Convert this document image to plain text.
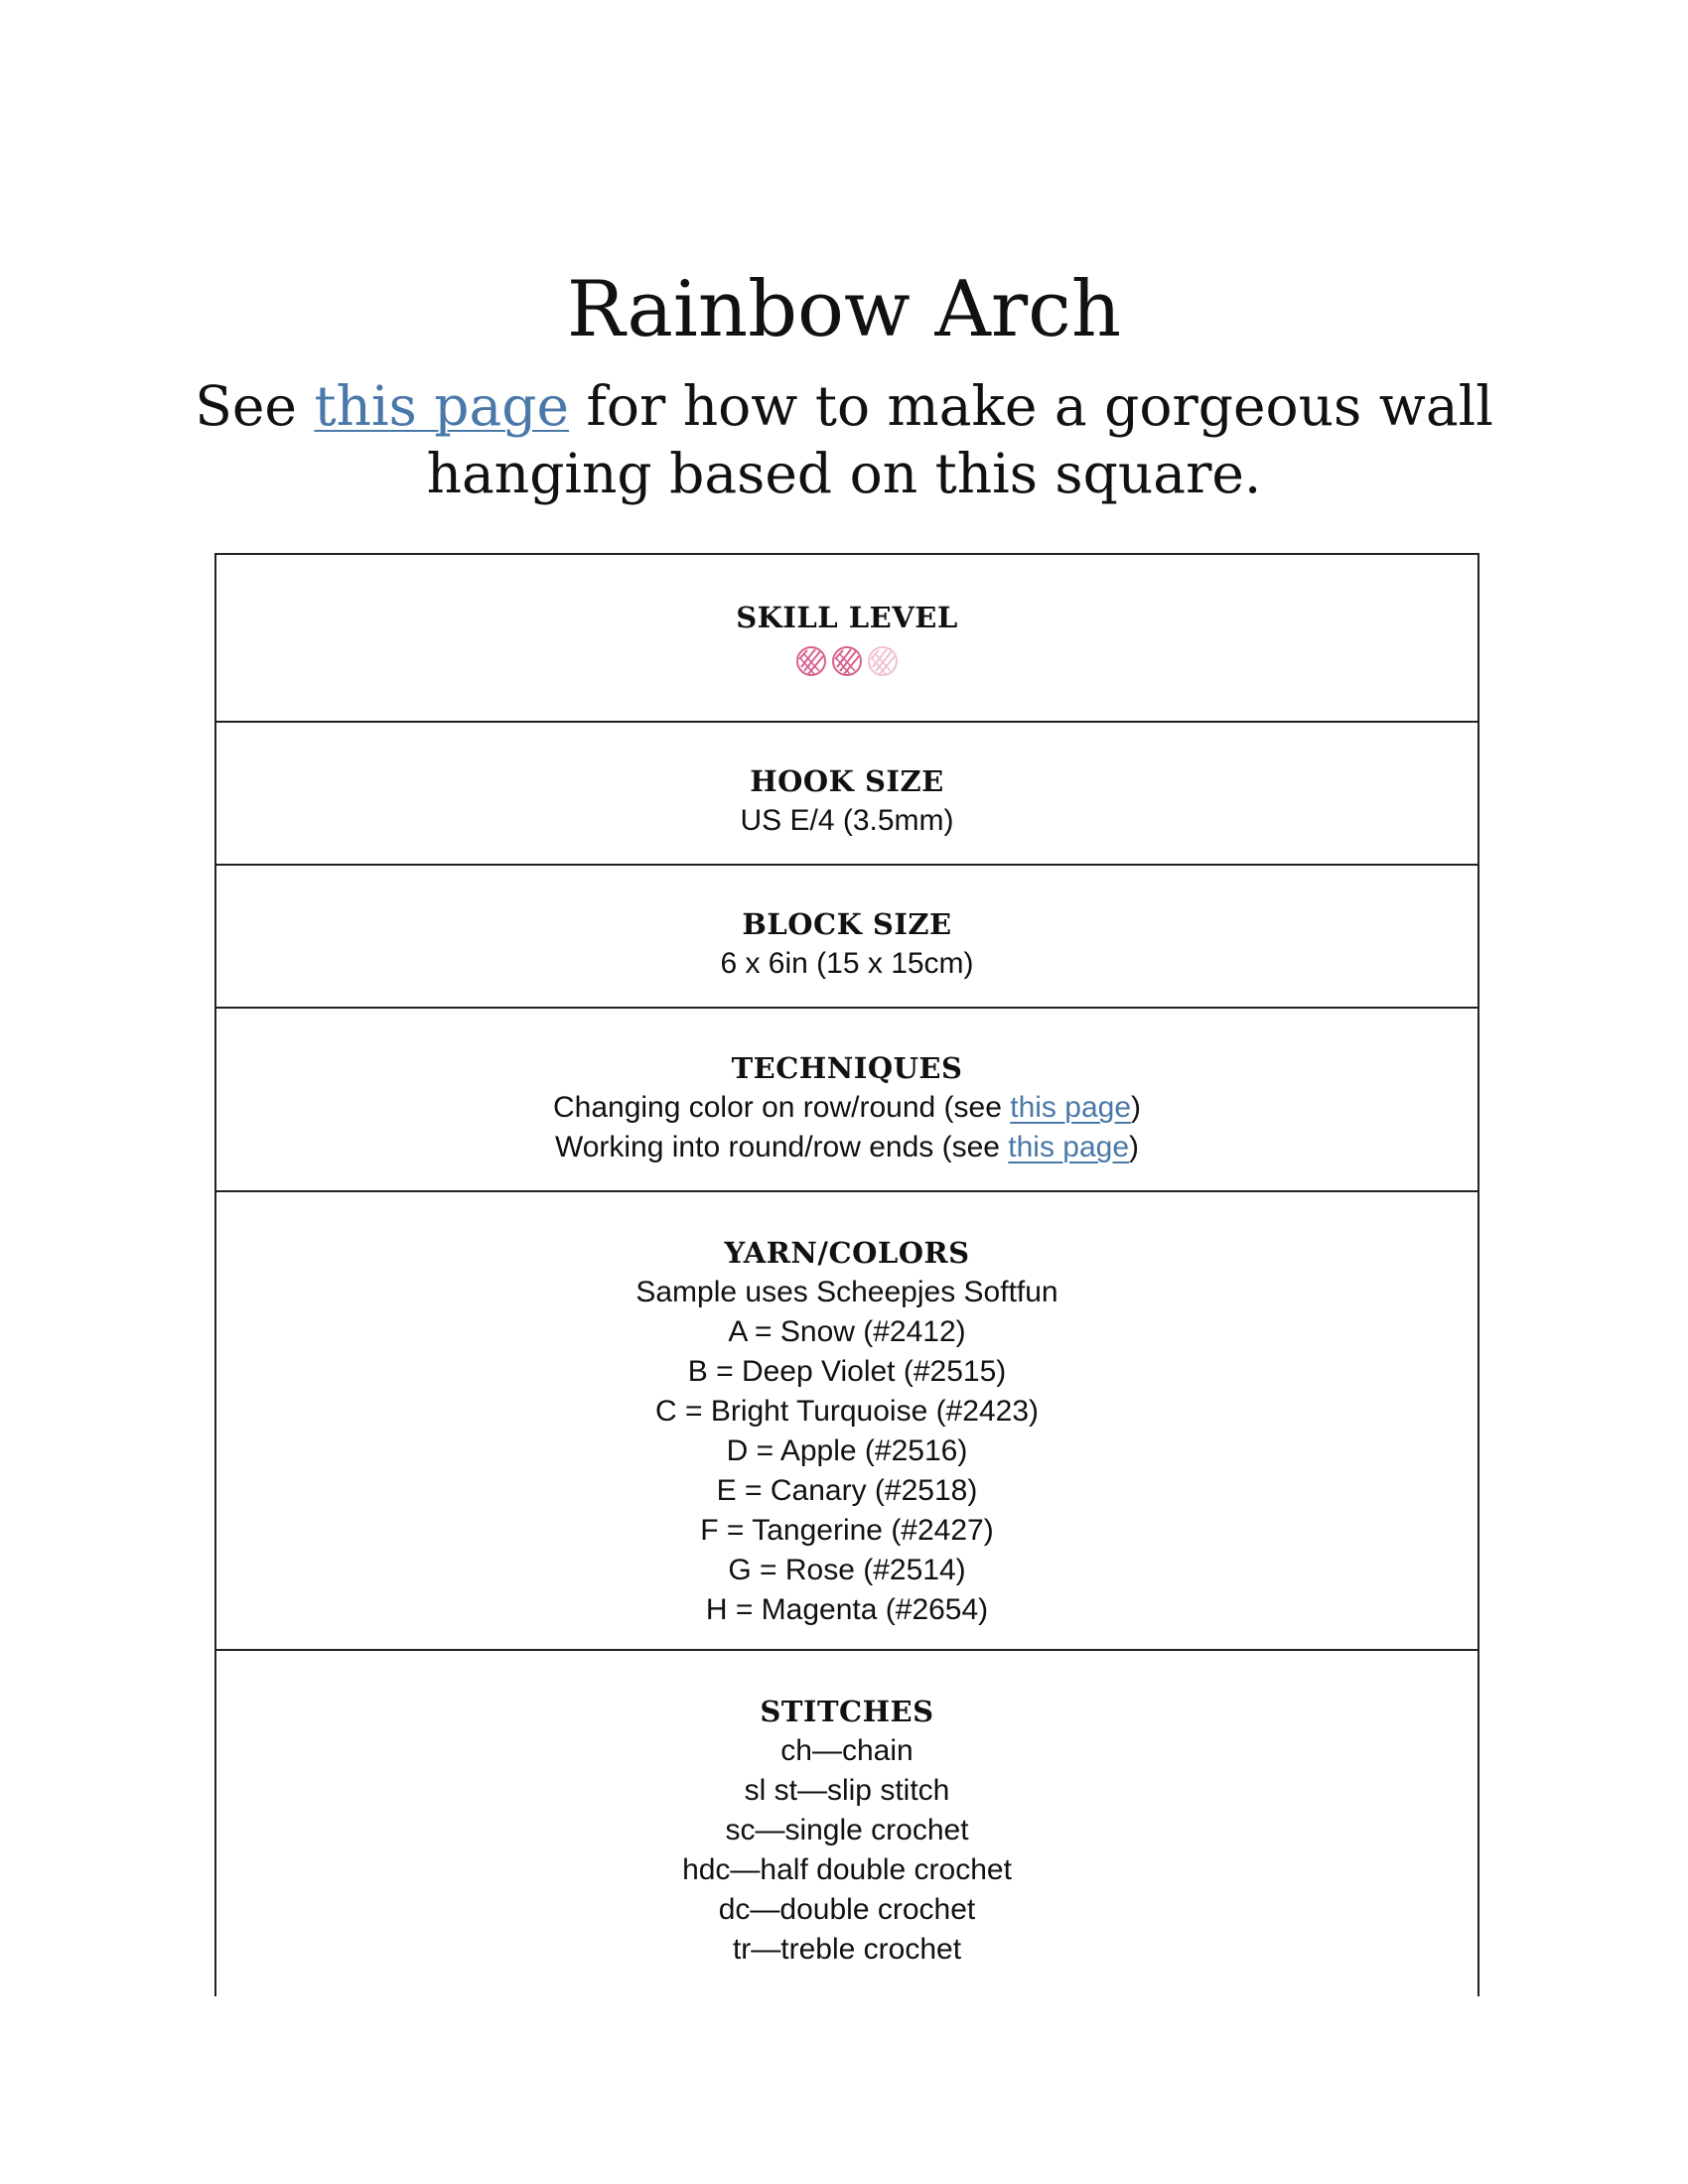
Rainbow Arch

See this page for how to make a gorgeous wall hanging based on this square.

SKILL LEVEL
HOOK SIZE
US E/4 (3.5mm)
BLOCK SIZE
6 x 6in (15 x 15cm)
TECHNIQUES
Changing color on row/round (see this page)
Working into round/row ends (see this page)
YARN/COLORS
Sample uses Scheepjes Softfun
A = Snow (#2412)
B = Deep Violet (#2515)
C = Bright Turquoise (#2423)
D = Apple (#2516)
E = Canary (#2518)
F = Tangerine (#2427)
G = Rose (#2514)
H = Magenta (#2654)
STITCHES
ch—chain
sl st—slip stitch
sc—single crochet
hdc—half double crochet
dc—double crochet
tr—treble crochet
